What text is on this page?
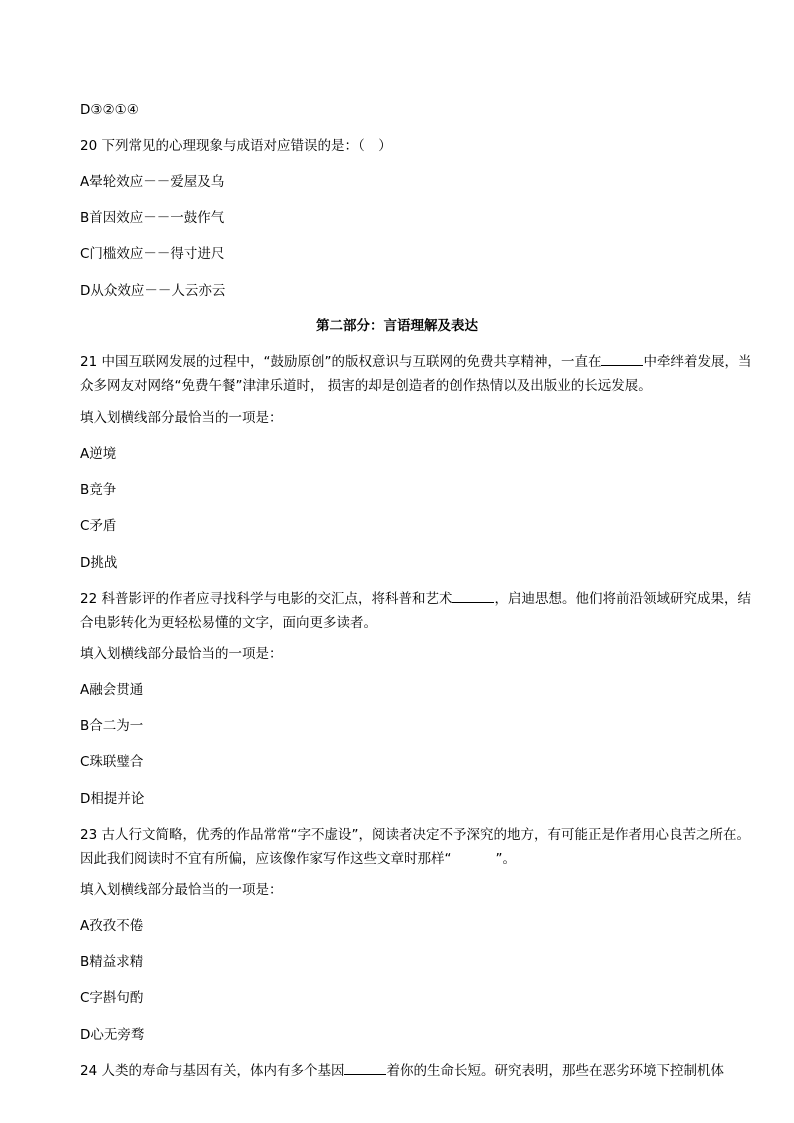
D③②①④
20 下列常见的心理现象与成语对应错误的是：（　）
A晕轮效应－－爱屋及乌
B首因效应－－一鼓作气
C门槛效应－－得寸进尺
D从众效应－－人云亦云
第二部分：言语理解及表达
21 中国互联网发展的过程中，“鼓励原创”的版权意识与互联网的免费共享精神，一直在	中牵绊着发展，当众多网友对网络“免费午餐”津津乐道时， 损害的却是创造者的创作热情以及出版业的长远发展。
填入划横线部分最恰当的一项是：
A逆境
B竞争
C矛盾
D挑战
22 科普影评的作者应寻找科学与电影的交汇点，将科普和艺术	，启迪思想。他们将前沿领域研究成果，结合电影转化为更轻松易懂的文字，面向更多读者。
填入划横线部分最恰当的一项是：
A融会贯通
B合二为一
C珠联璧合
D相提并论
23 古人行文简略，优秀的作品常常“字不虚设”，阅读者决定不予深究的地方，有可能正是作者用心良苦之所在。因此我们阅读时不宜有所偏，应该像作家写作这些文章时那样“	”。
填入划横线部分最恰当的一项是：
A孜孜不倦
B精益求精
C字斟句酌
D心无旁骛
24 人类的寿命与基因有关，体内有多个基因	着你的生命长短。研究表明，那些在恶劣环境下控制机体
